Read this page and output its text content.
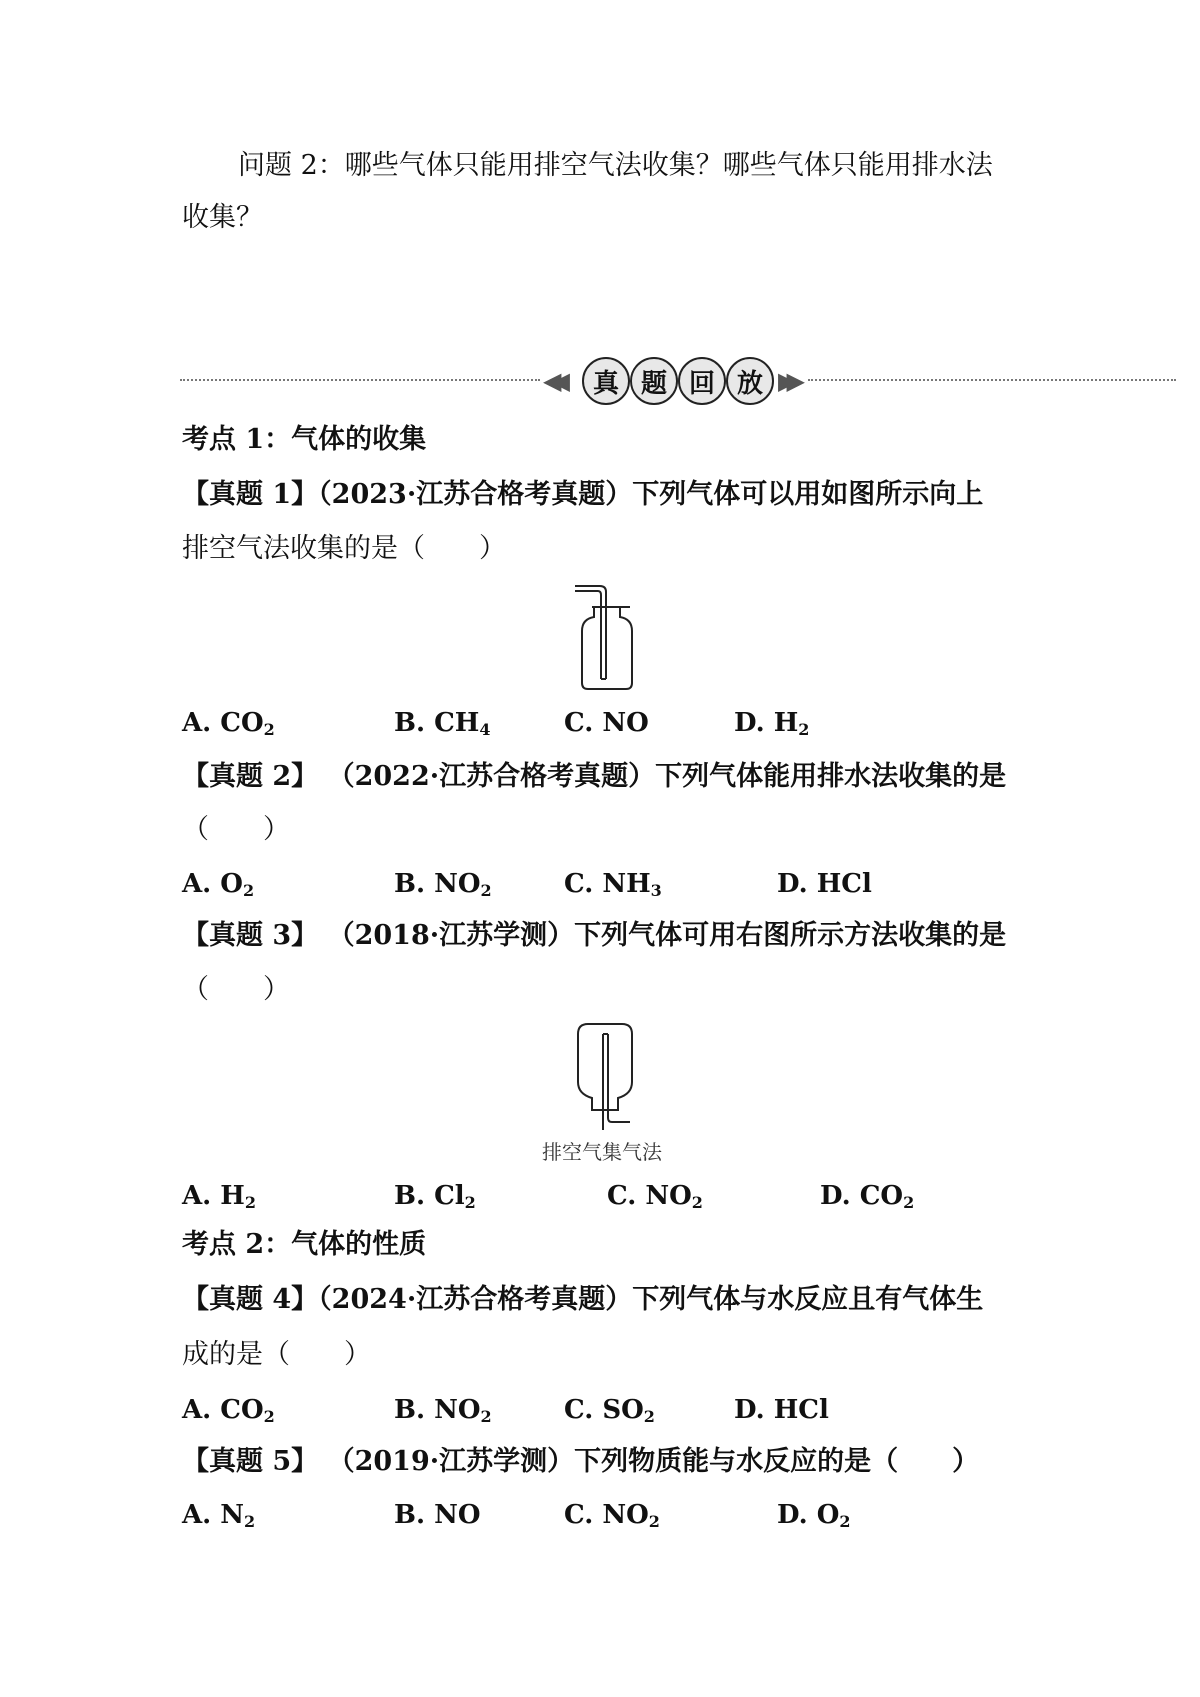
问题 2：哪些气体只能用排空气法收集？哪些气体只能用排水法
收集？
◀◀	真 题 回 放 ▶▶
考点 1：气体的收集
【真题 1】（2023·江苏合格考真题）下列气体可以用如图所示向上
排空气法收集的是（　　）
A. $CO_2$	B. $CH_4$	C. NO	D. $H_2$
【真题 2】 （2022·江苏合格考真题）下列气体能用排水法收集的是
（　　）
A. $O_2$	B. $NO_2$	C. $NH_3$	D. HCl
【真题 3】 （2018·江苏学测）下列气体可用右图所示方法收集的是
（　　）
排空气集气法
A. $H_2$	B. $Cl_2$	C. $NO_2$	D. $CO_2$
考点 2：气体的性质
【真题 4】（2024·江苏合格考真题）下列气体与水反应且有气体生
成的是（　　）
A. $CO_2$	B. $NO_2$	C. $SO_2$	D. HCl
【真题 5】 （2019·江苏学测）下列物质能与水反应的是（　　）
A. $N_2$	B. NO	C. $NO_2$	D. $O_2$
